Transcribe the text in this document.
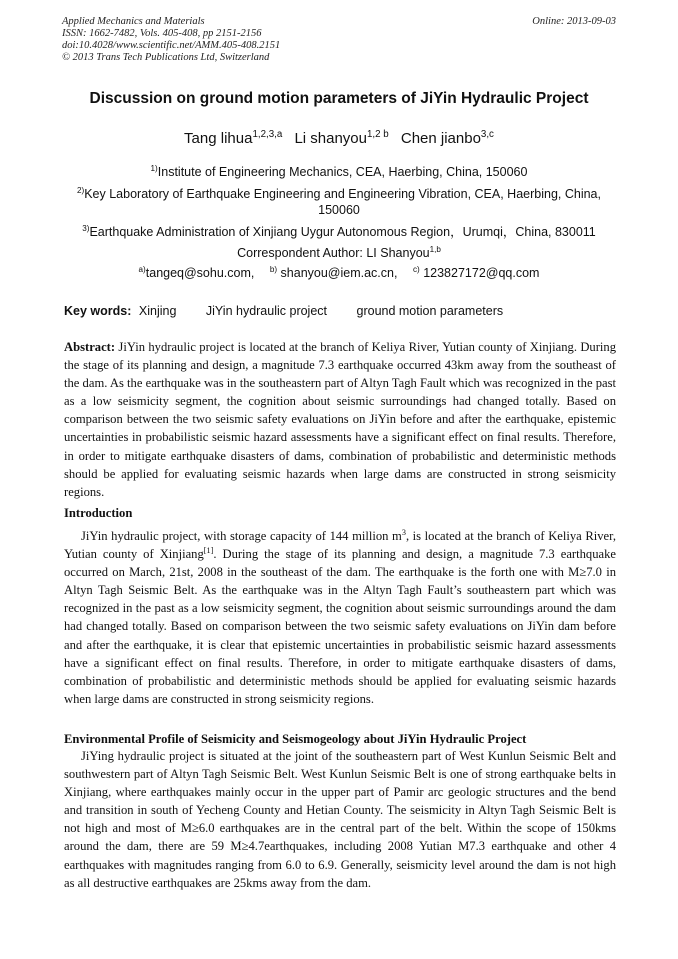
Applied Mechanics and Materials	Online: 2013-09-03
ISSN: 1662-7482, Vols. 405-408, pp 2151-2156
doi:10.4028/www.scientific.net/AMM.405-408.2151
© 2013 Trans Tech Publications Ltd, Switzerland
Discussion on ground motion parameters of JiYin Hydraulic Project
Tang lihua$^{1,2,3,a}$ Li shanyou$^{1,2 b}$ Chen jianbo$^{3,c}$
$^{1)}$Institute of Engineering Mechanics, CEA, Haerbing, China, 150060
$^{2)}$Key Laboratory of Earthquake Engineering and Engineering Vibration, CEA, Haerbing, China, 150060
$^{3)}$Earthquake Administration of Xinjiang Uygur Autonomous Region，Urumqi，China, 830011
Correspondent Author: LI Shanyou$^{1,b}$
$^{a)}$tangeq@sohu.com, $^{b)}$ shanyou@iem.ac.cn, $^{c)}$ 123827172@qq.com
Key words: Xinjing JiYin hydraulic project ground motion parameters
Abstract: JiYin hydraulic project is located at the branch of Keliya River, Yutian county of Xinjiang. During the stage of its planning and design, a magnitude 7.3 earthquake occurred 43km away from the southeast of the dam. As the earthquake was in the southeastern part of Altyn Tagh Fault which was recognized in the past as a low seismicity segment, the cognition about seismic surroundings had changed totally. Based on comparison between the two seismic safety evaluations on JiYin before and after the earthquake, epistemic uncertainties in probabilistic seismic hazard assessments have a significant effect on final results. Therefore, in order to mitigate earthquake disasters of dams, combination of probabilistic and deterministic methods should be applied for evaluating seismic hazards when large dams are constructed in strong seismicity regions.
Introduction
JiYin hydraulic project, with storage capacity of 144 million $m^3$, is located at the branch of Keliya River, Yutian county of Xinjiang[1]. During the stage of its planning and design, a magnitude 7.3 earthquake occurred on March, 21st, 2008 in the southeast of the dam. The earthquake is the forth one with M≥7.0 in Altyn Tagh Seismic Belt. As the earthquake was in the Altyn Tagh Fault’s southeastern part which was recognized in the past as a low seismicity segment, the cognition about seismic surroundings around the dam had changed totally. Based on comparison between the two seismic safety evaluations on JiYin dam before and after the earthquake, it is clear that epistemic uncertainties in probabilistic seismic hazard assessments have a significant effect on final results. Therefore, in order to mitigate earthquake disasters of dams, combination of probabilistic and deterministic methods should be applied for evaluating seismic hazards when large dams are constructed in strong seismicity regions.
Environmental Profile of Seismicity and Seismogeology about JiYin Hydraulic Project
JiYing hydraulic project is situated at the joint of the southeastern part of West Kunlun Seismic Belt and southwestern part of Altyn Tagh Seismic Belt. West Kunlun Seismic Belt is one of strong earthquake belts in Xinjiang, where earthquakes mainly occur in the upper part of Pamir arc geologic structures and the bend and transition in south of Yecheng County and Hetian County. The seismicity in Altyn Tagh Seismic Belt is not high and most of M≥6.0 earthquakes are in the central part of the belt. Within the scope of 150kms around the dam, there are 59 M≥4.7earthquakes, including 2008 Yutian M7.3 earthquake and other 4 earthquakes with magnitudes ranging from 6.0 to 6.9. Generally, seismicity level around the dam is not high as all destructive earthquakes are 25kms away from the dam.
